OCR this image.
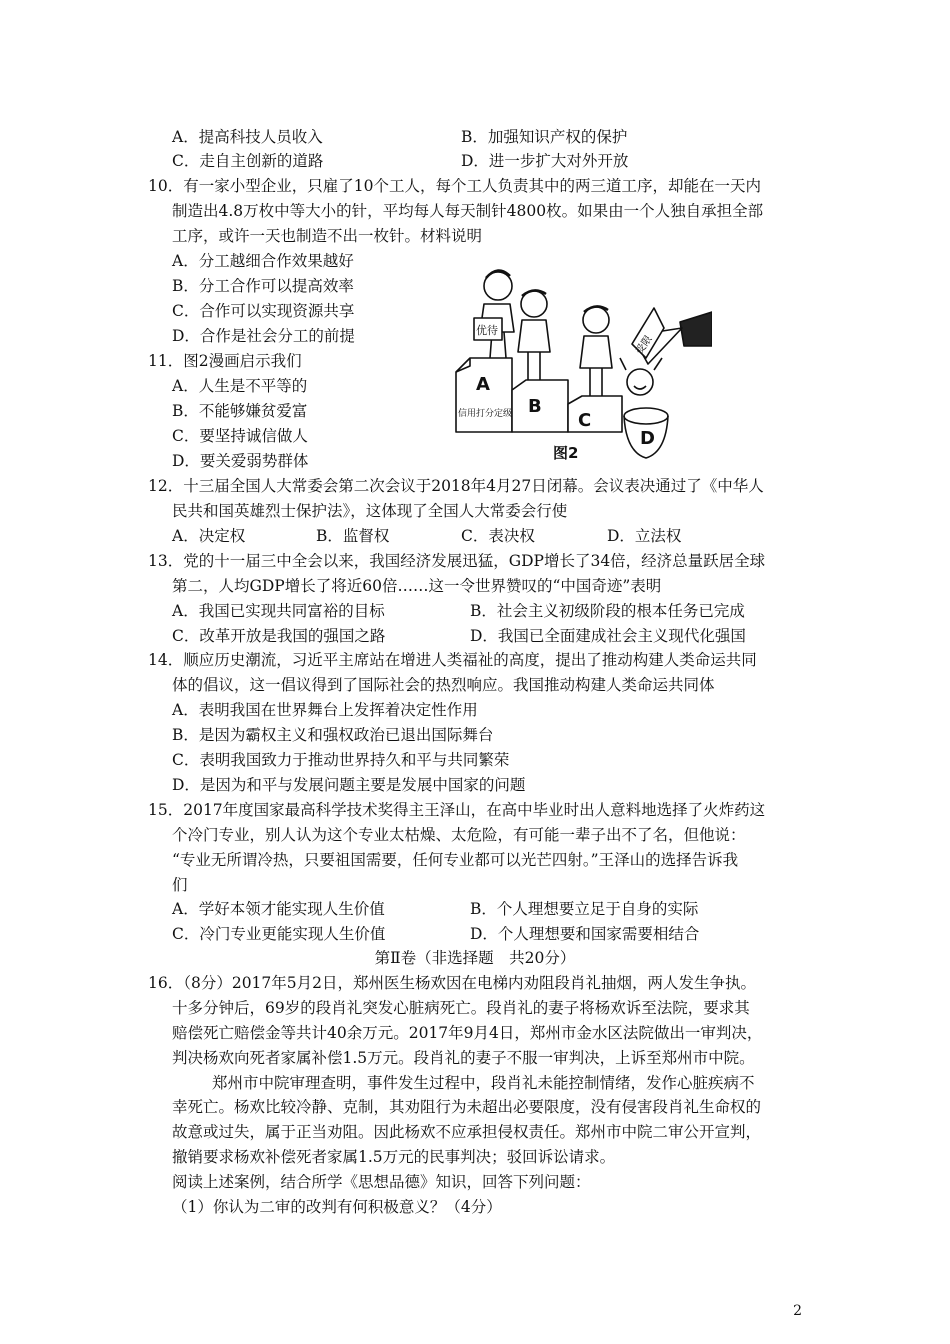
A．提高科技人员收入	B．加强知识产权的保护
C．走自主创新的道路	D．进一步扩大对外开放
10．有一家小型企业，只雇了10个工人，每个工人负责其中的两三道工序，却能在一天内
制造出4.8万枚中等大小的针，平均每人每天制针4800枚。如果由一个人独自承担全部
工序，或许一天也制造不出一枚针。材料说明
A．分工越细合作效果越好
B．分工合作可以提高效率
C．合作可以实现资源共享
D．合作是社会分工的前提
11．图2漫画启示我们
A．人生是不平等的
B．不能够嫌贫爱富
C．要坚持诚信做人
D．要关爱弱势群体
优待
受限
A
信用打分定级 B
C
D
图2
12．十三届全国人大常委会第二次会议于2018年4月27日闭幕。会议表决通过了《中华人
民共和国英雄烈士保护法》，这体现了全国人大常委会行使
A．决定权	B．监督权	C．表决权	D．立法权
13．党的十一届三中全会以来，我国经济发展迅猛，GDP增长了34倍，经济总量跃居全球
第二，人均GDP增长了将近60倍……这一令世界赞叹的“中国奇迹”表明
A．我国已实现共同富裕的目标	B．社会主义初级阶段的根本任务已完成
C．改革开放是我国的强国之路	D．我国已全面建成社会主义现代化强国
14．顺应历史潮流，习近平主席站在增进人类福祉的高度，提出了推动构建人类命运共同
体的倡议，这一倡议得到了国际社会的热烈响应。我国推动构建人类命运共同体
A．表明我国在世界舞台上发挥着决定性作用
B．是因为霸权主义和强权政治已退出国际舞台
C．表明我国致力于推动世界持久和平与共同繁荣
D．是因为和平与发展问题主要是发展中国家的问题
15．2017年度国家最高科学技术奖得主王泽山，在高中毕业时出人意料地选择了火炸药这
个冷门专业，别人认为这个专业太枯燥、太危险，有可能一辈子出不了名，但他说：
“专业无所谓冷热，只要祖国需要，任何专业都可以光芒四射。”王泽山的选择告诉我
们
A．学好本领才能实现人生价值	B．个人理想要立足于自身的实际
C．冷门专业更能实现人生价值	D．个人理想要和国家需要相结合
第Ⅱ卷（非选择题　共20分）
16．（8分）2017年5月2日，郑州医生杨欢因在电梯内劝阻段肖礼抽烟，两人发生争执。
十多分钟后，69岁的段肖礼突发心脏病死亡。段肖礼的妻子将杨欢诉至法院，要求其
赔偿死亡赔偿金等共计40余万元。2017年9月4日，郑州市金水区法院做出一审判决，
判决杨欢向死者家属补偿1.5万元。段肖礼的妻子不服一审判决，上诉至郑州市中院。
郑州市中院审理查明，事件发生过程中，段肖礼未能控制情绪，发作心脏疾病不
幸死亡。杨欢比较冷静、克制，其劝阻行为未超出必要限度，没有侵害段肖礼生命权的
故意或过失，属于正当劝阻。因此杨欢不应承担侵权责任。郑州市中院二审公开宣判，
撤销要求杨欢补偿死者家属1.5万元的民事判决；驳回诉讼请求。
阅读上述案例，结合所学《思想品德》知识，回答下列问题：
（1）你认为二审的改判有何积极意义？（4分）
2
